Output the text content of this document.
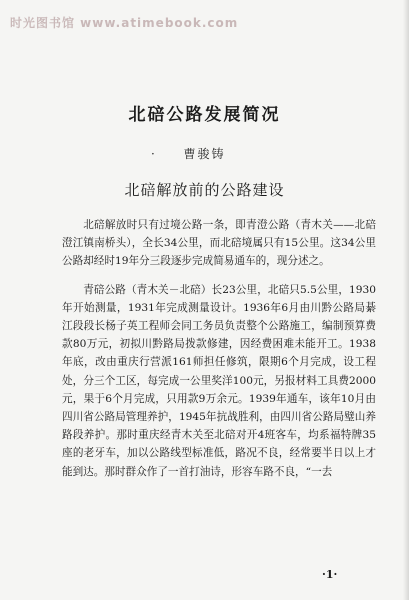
时光图书馆 www.atimebook.com
北碚公路发展简况
·	曹骏铸
北碚解放前的公路建设

北碚解放时只有过境公路一条，即青澄公路（青木关——北碚澄江镇南桥头），全长34公里，而北碚境属只有15公里。这34公里公路却经时19年分三段逐步完成简易通车的，现分述之。

青碚公路（青木关－北碚）长23公里，北碚只5.5公里，1930年开始测量，1931年完成测量设计。1936年6月由川黔公路局綦江段段长杨子英工程师会同工务员负责整个公路施工，编制预算费款80万元，初拟川黔路局拨款修建，因经费困难未能开工。1938年底，改由重庆行营派161师担任修筑，限期6个月完成，设工程处，分三个工区，每完成一公里奖洋100元，另报材料工具费2000元，果于6个月完成，只用款9万余元。1939年通车，该年10月由四川省公路局管理养护，1945年抗战胜利，由四川省公路局璧山养路段养护。那时重庆经青木关至北碚对开4班客车，均系福特牌35座的老牙车，加以公路线型标准低，路况不良，经常要半日以上才能到达。那时群众作了一首打油诗，形容车路不良，“一去

·1·
